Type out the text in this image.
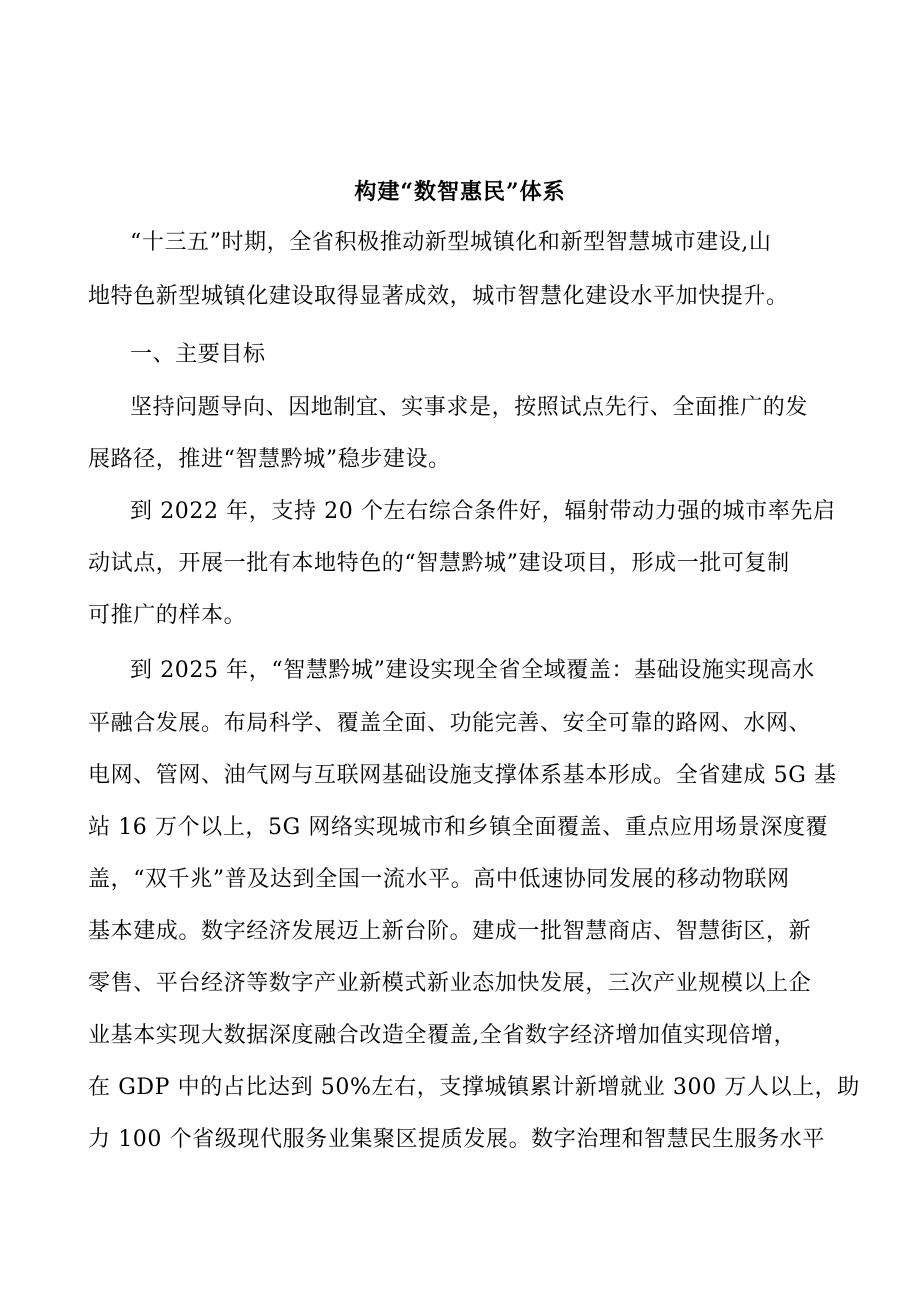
构建“数智惠民”体系
“十三五”时期，全省积极推动新型城镇化和新型智慧城市建设,山
地特色新型城镇化建设取得显著成效，城市智慧化建设水平加快提升。
一、主要目标
坚持问题导向、因地制宜、实事求是，按照试点先行、全面推广的发
展路径，推进“智慧黔城”稳步建设。
到 2022 年，支持 20 个左右综合条件好，辐射带动力强的城市率先启
动试点，开展一批有本地特色的“智慧黔城”建设项目，形成一批可复制
可推广的样本。
到 2025 年，“智慧黔城”建设实现全省全域覆盖：基础设施实现高水
平融合发展。布局科学、覆盖全面、功能完善、安全可靠的路网、水网、
电网、管网、油气网与互联网基础设施支撑体系基本形成。全省建成 5G 基
站 16 万个以上，5G 网络实现城市和乡镇全面覆盖、重点应用场景深度覆
盖，“双千兆”普及达到全国一流水平。高中低速协同发展的移动物联网
基本建成。数字经济发展迈上新台阶。建成一批智慧商店、智慧街区，新
零售、平台经济等数字产业新模式新业态加快发展，三次产业规模以上企
业基本实现大数据深度融合改造全覆盖,全省数字经济增加值实现倍增，
在 GDP 中的占比达到 50%左右，支撑城镇累计新增就业 300 万人以上，助
力 100 个省级现代服务业集聚区提质发展。数字治理和智慧民生服务水平
